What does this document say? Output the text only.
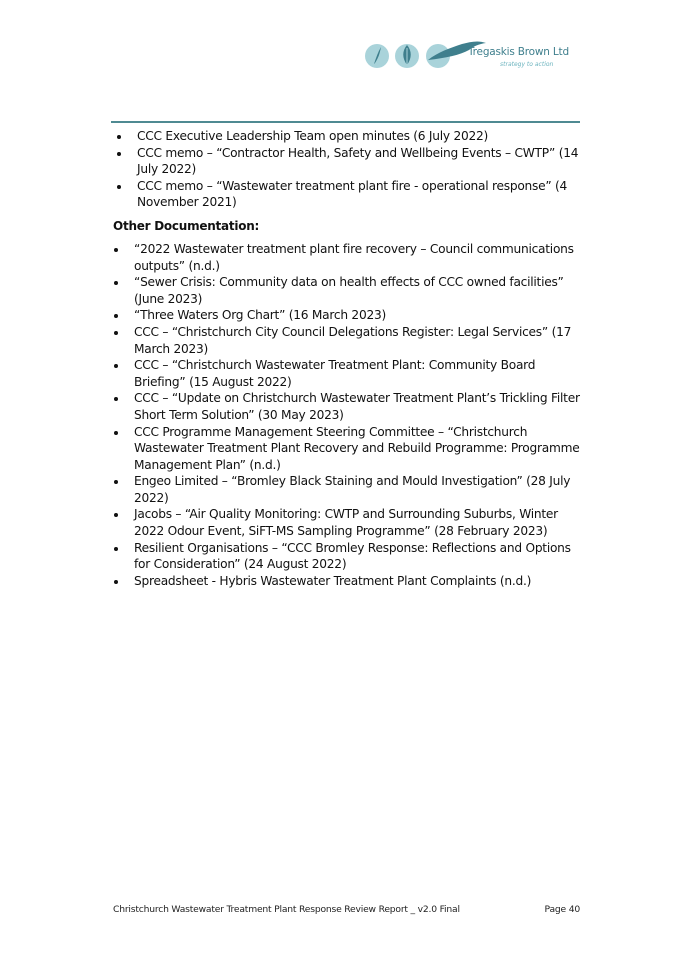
Tregaskis Brown Ltd
strategy to action
CCC Executive Leadership Team open minutes (6 July 2022)
CCC memo – “Contractor Health, Safety and Wellbeing Events – CWTP” (14 July 2022)
CCC memo – “Wastewater treatment plant fire - operational response” (4 November 2021)
Other Documentation:
“2022 Wastewater treatment plant fire recovery – Council communications outputs” (n.d.)
“Sewer Crisis: Community data on health effects of CCC owned facilities” (June 2023)
“Three Waters Org Chart” (16 March 2023)
CCC – “Christchurch City Council Delegations Register: Legal Services” (17 March 2023)
CCC – “Christchurch Wastewater Treatment Plant: Community Board Briefing” (15 August 2022)
CCC – “Update on Christchurch Wastewater Treatment Plant’s Trickling Filter Short Term Solution” (30 May 2023)
CCC Programme Management Steering Committee – “Christchurch Wastewater Treatment Plant Recovery and Rebuild Programme: Programme Management Plan” (n.d.)
Engeo Limited – “Bromley Black Staining and Mould Investigation” (28 July 2022)
Jacobs – “Air Quality Monitoring: CWTP and Surrounding Suburbs, Winter 2022 Odour Event, SiFT-MS Sampling Programme” (28 February 2023)
Resilient Organisations – “CCC Bromley Response: Reflections and Options for Consideration” (24 August 2022)
Spreadsheet - Hybris Wastewater Treatment Plant Complaints (n.d.)
Christchurch Wastewater Treatment Plant Response Review Report _ v2.0 Final	Page 40
